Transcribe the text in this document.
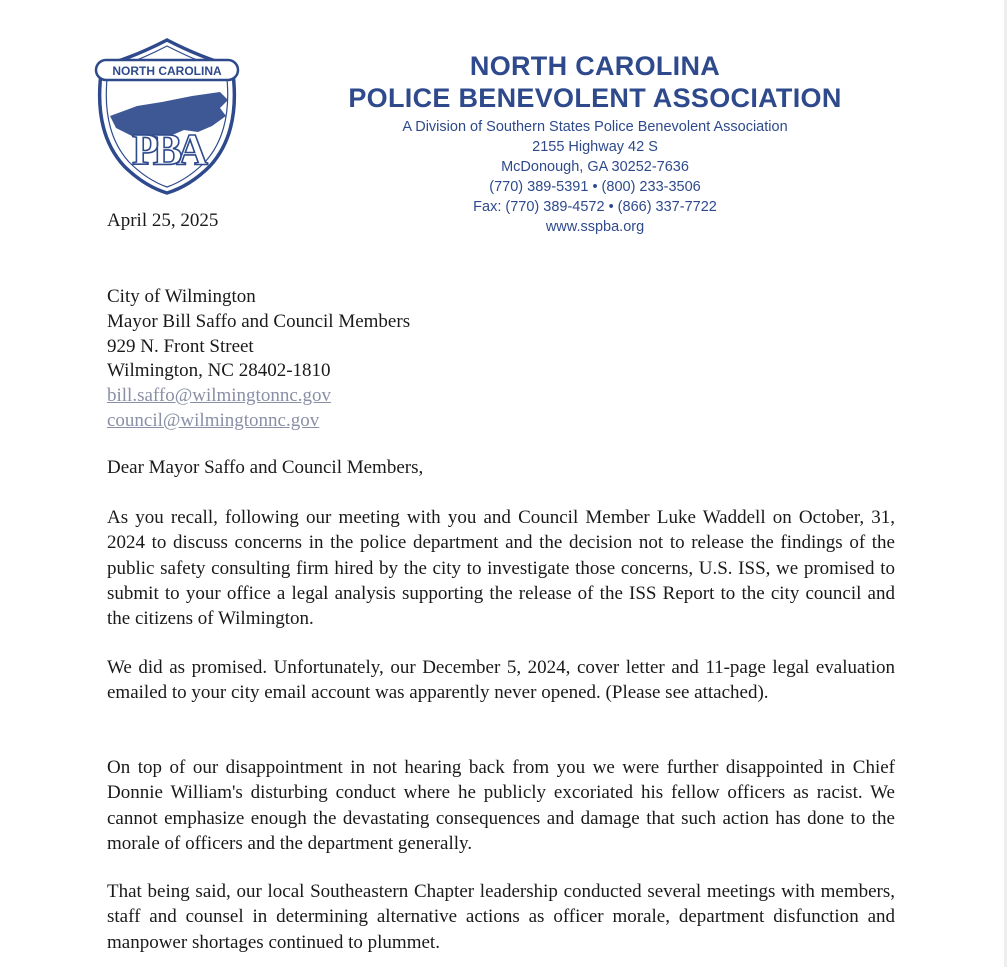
NORTH CAROLINA
PBA
NORTH CAROLINA
POLICE BENEVOLENT ASSOCIATION
A Division of Southern States Police Benevolent Association
2155 Highway 42 S
McDonough, GA 30252-7636
(770) 389-5391 • (800) 233-3506
Fax: (770) 389-4572 • (866) 337-7722
www.sspba.org
April 25, 2025
City of Wilmington
Mayor Bill Saffo and Council Members
929 N. Front Street
Wilmington, NC 28402-1810
bill.saffo@wilmingtonnc.gov
council@wilmingtonnc.gov
Dear Mayor Saffo and Council Members,

As you recall, following our meeting with you and Council Member Luke Waddell on October, 31, 2024 to discuss concerns in the police department and the decision not to release the findings of the public safety consulting firm hired by the city to investigate those concerns, U.S. ISS, we promised to submit to your office a legal analysis supporting the release of the ISS Report to the city council and the citizens of Wilmington.

We did as promised. Unfortunately, our December 5, 2024, cover letter and 11-page legal evaluation emailed to your city email account was apparently never opened. (Please see attached).

On top of our disappointment in not hearing back from you we were further disappointed in Chief Donnie William's disturbing conduct where he publicly excoriated his fellow officers as racist. We cannot emphasize enough the devastating consequences and damage that such action has done to the morale of officers and the department generally.

That being said, our local Southeastern Chapter leadership conducted several meetings with members, staff and counsel in determining alternative actions as officer morale, department disfunction and manpower shortages continued to plummet.
